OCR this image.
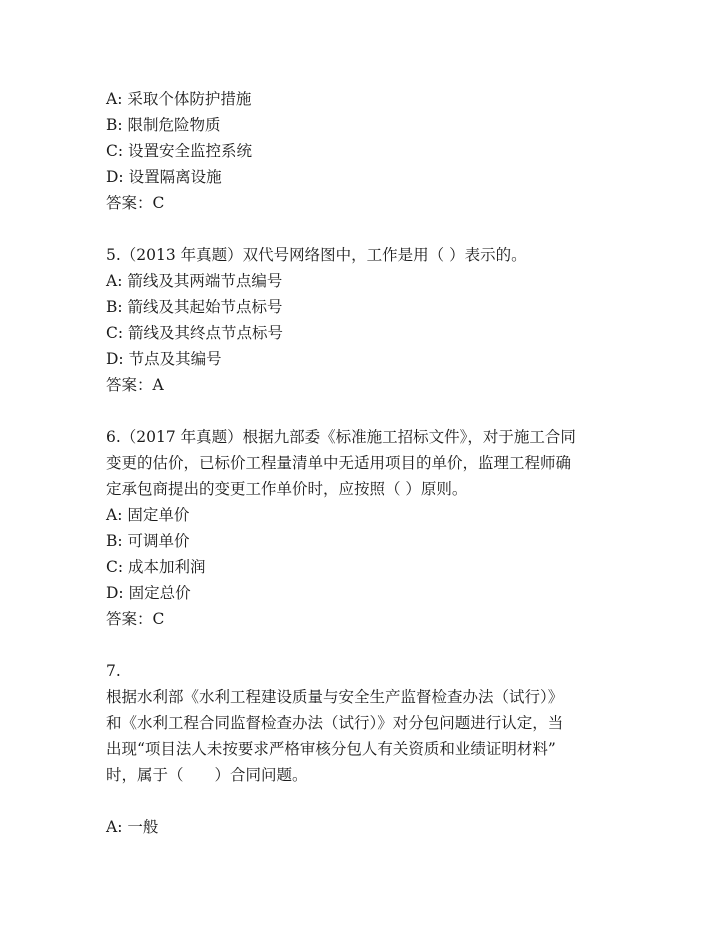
A: 采取个体防护措施
B: 限制危险物质
C: 设置安全监控系统
D: 设置隔离设施
答案：C
5.（2013 年真题）双代号网络图中，工作是用（ ）表示的。
A: 箭线及其两端节点编号
B: 箭线及其起始节点标号
C: 箭线及其终点节点标号
D: 节点及其编号
答案：A
6.（2017 年真题）根据九部委《标准施工招标文件》，对于施工合同
变更的估价，已标价工程量清单中无适用项目的单价，监理工程师确
定承包商提出的变更工作单价时，应按照（ ）原则。
A: 固定单价
B: 可调单价
C: 成本加利润
D: 固定总价
答案：C
7.
根据水利部《水利工程建设质量与安全生产监督检查办法（试行）》
和《水利工程合同监督检查办法（试行）》对分包问题进行认定，当
出现“项目法人未按要求严格审核分包人有关资质和业绩证明材料”
时，属于（　　）合同问题。
A: 一般
